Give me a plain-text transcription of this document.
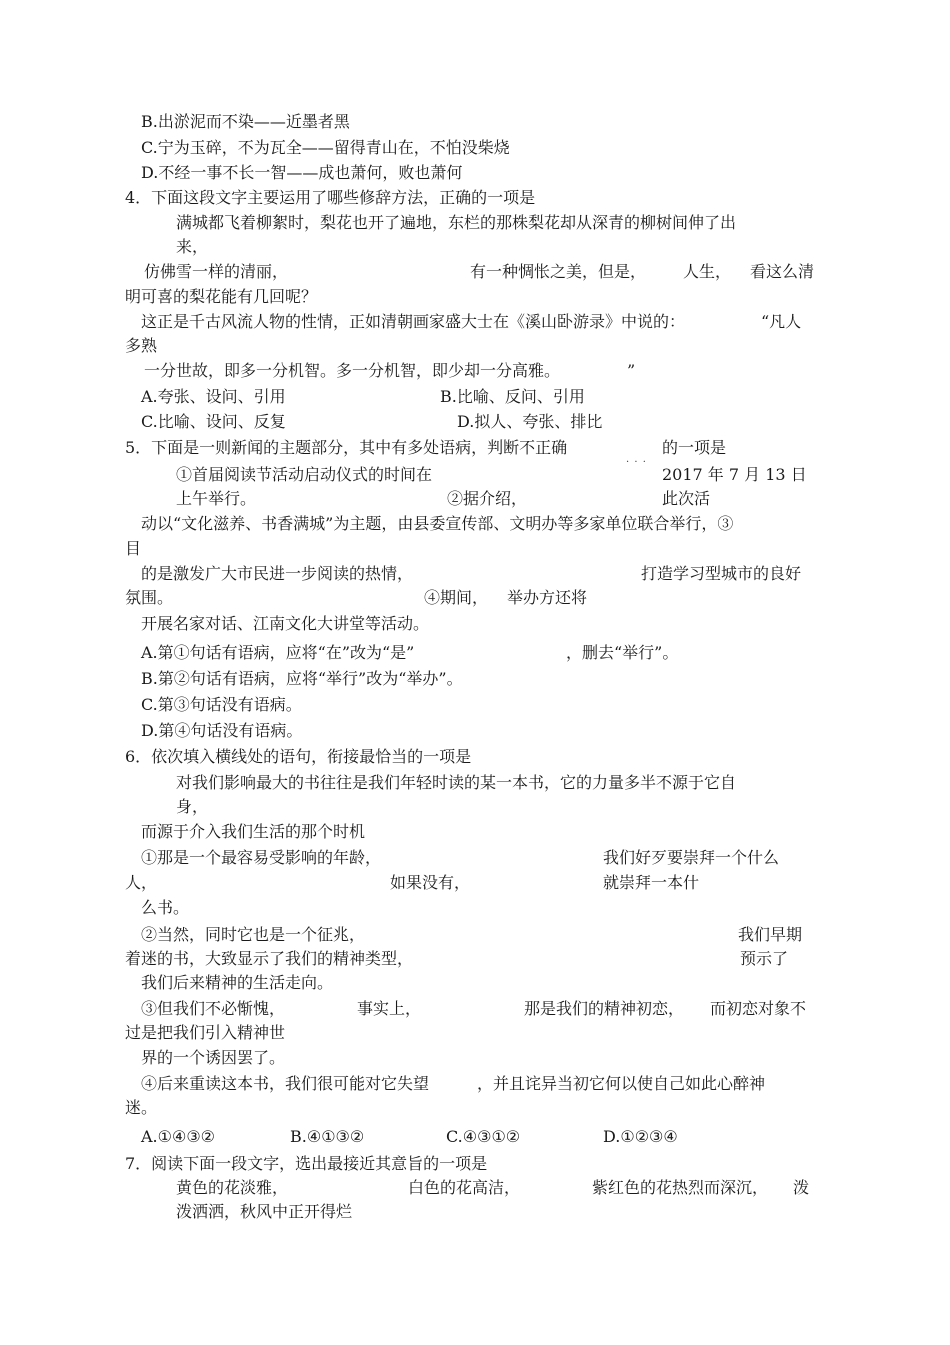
B.出淤泥而不染——近墨者黑
C.宁为玉碎，不为瓦全——留得青山在，不怕没柴烧
D.不经一事不长一智——成也萧何，败也萧何
4．下面这段文字主要运用了哪些修辞方法，正确的一项是
满城都飞着柳絮时，梨花也开了遍地，东栏的那株梨花却从深青的柳树间伸了出
来，
仿佛雪一样的清丽，	有一种惆怅之美，但是， 人生， 看这么清
明可喜的梨花能有几回呢？
这正是千古风流人物的性情，正如清朝画家盛大士在《溪山卧游录》中说的：	“凡人
多熟
一分世故，即多一分机智。多一分机智，即少却一分高雅。	”
A.夸张、设问、引用	B.比喻、反问、引用
C.比喻、设问、反复	D.拟人、夸张、排比
5．下面是一则新闻的主题部分，其中有多处语病，判断不正确	的一项是
· · ·
①首届阅读节活动启动仪式的时间在	2017 年 7 月 13 日
上午举行。	②据介绍，	此次活
动以“文化滋养、书香满城”为主题，由县委宣传部、文明办等多家单位联合举行，③
目
的是激发广大市民进一步阅读的热情，	打造学习型城市的良好
氛围。	④期间， 举办方还将
开展名家对话、江南文化大讲堂等活动。
A.第①句话有语病，应将“在”改为“是”	，删去“举行”。
B.第②句话有语病，应将“举行”改为“举办”。
C.第③句话没有语病。
D.第④句话没有语病。
6．依次填入横线处的语句，衔接最恰当的一项是
对我们影响最大的书往往是我们年轻时读的某一本书，它的力量多半不源于它自
身，
而源于介入我们生活的那个时机
①那是一个最容易受影响的年龄，	我们好歹要崇拜一个什么
人，	如果没有，	就崇拜一本什
么书。
②当然，同时它也是一个征兆，	我们早期
着迷的书，大致显示了我们的精神类型，	预示了
我们后来精神的生活走向。
③但我们不必惭愧，	事实上，	那是我们的精神初恋， 而初恋对象不
过是把我们引入精神世
界的一个诱因罢了。
④后来重读这本书，我们很可能对它失望	，并且诧异当初它何以使自己如此心醉神
迷。
A.①④③②	B.④①③②	C.④③①②	D.①②③④
7．阅读下面一段文字，选出最接近其意旨的一项是
黄色的花淡雅，	白色的花高洁，	紫红色的花热烈而深沉， 泼
泼洒洒，秋风中正开得烂
